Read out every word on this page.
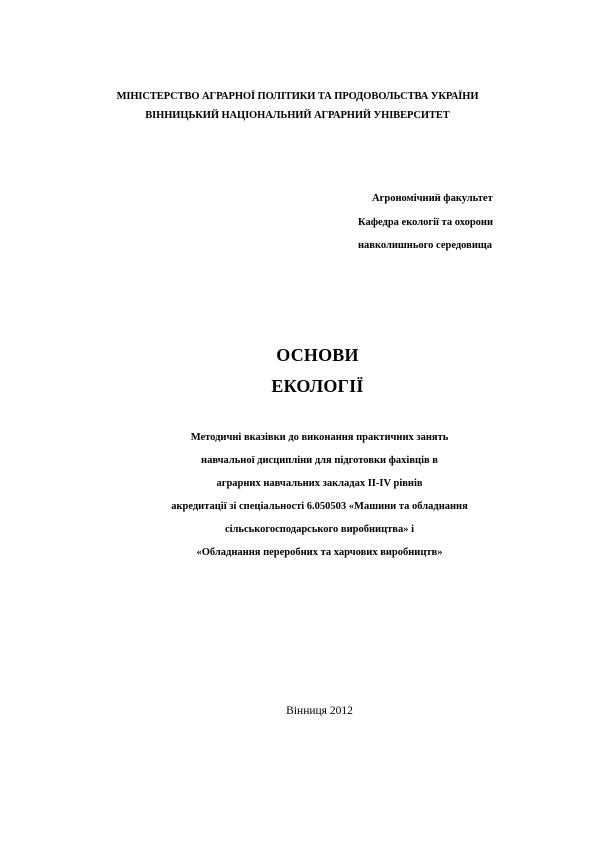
МІНІСТЕРСТВО АГРАРНОЇ ПОЛІТИКИ ТА ПРОДОВОЛЬСТВА УКРАЇНИ
ВІННИЦЬКИЙ НАЦІОНАЛЬНИЙ АГРАРНИЙ УНІВЕРСИТЕТ
Агрономічний факультет
Кафедра екології та охорони
навколишнього середовища
ОСНОВИ
ЕКОЛОГІЇ
Методичні вказівки до виконання практичних занять
навчальної дисципліни для підготовки фахівців в
аграрних навчальних закладах II-IV рівнів
акредитації зі спеціальності 6.050503 «Машини та обладнання
сільськогосподарського виробництва» і
«Обладнання переробних та харчових виробництв»
Вінниця 2012
